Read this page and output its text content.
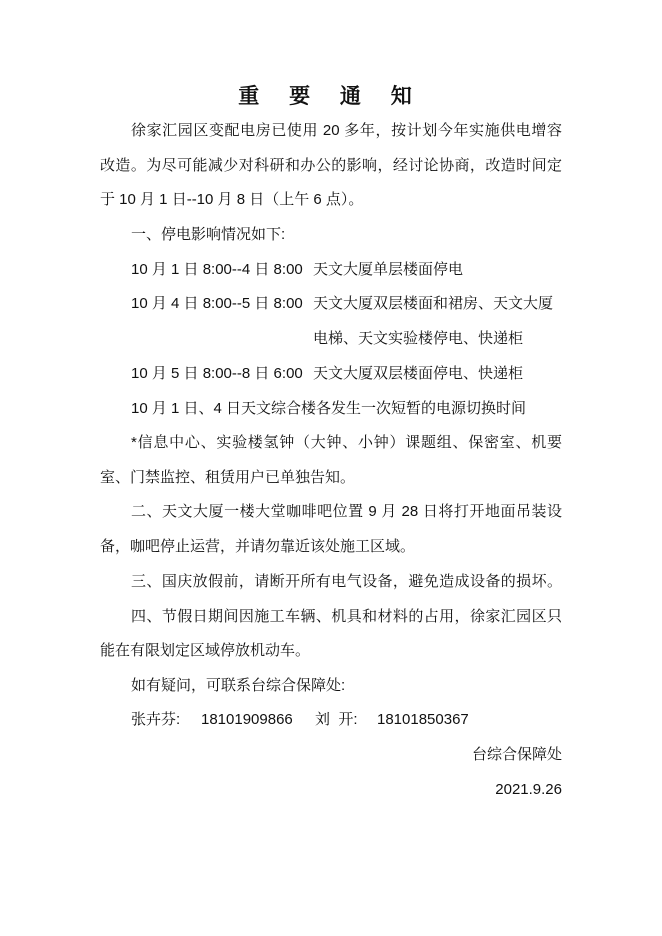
重 要 通 知
徐家汇园区变配电房已使用 20 多年，按计划今年实施供电增容
改造。为尽可能减少对科研和办公的影响，经讨论协商，改造时间定
于 10 月 1 日--10 月 8 日（上午 6 点）。
一、停电影响情况如下:
10 月 1 日 8:00--4 日 8:00 天文大厦单层楼面停电
10 月 4 日 8:00--5 日 8:00 天文大厦双层楼面和裙房、天文大厦
电梯、天文实验楼停电、快递柜
10 月 5 日 8:00--8 日 6:00 天文大厦双层楼面停电、快递柜
10 月 1 日、4 日天文综合楼各发生一次短暂的电源切换时间
*信息中心、实验楼氢钟（大钟、小钟）课题组、保密室、机要
室、门禁监控、租赁用户已单独告知。
二、天文大厦一楼大堂咖啡吧位置 9 月 28 日将打开地面吊装设
备，咖吧停止运营，并请勿靠近该处施工区域。
三、国庆放假前，请断开所有电气设备，避免造成设备的损坏。
四、节假日期间因施工车辆、机具和材料的占用，徐家汇园区只
能在有限划定区域停放机动车。
如有疑问，可联系台综合保障处:
张卉芬: 18101909866 刘  开: 18101850367
台综合保障处
2021.9.26
